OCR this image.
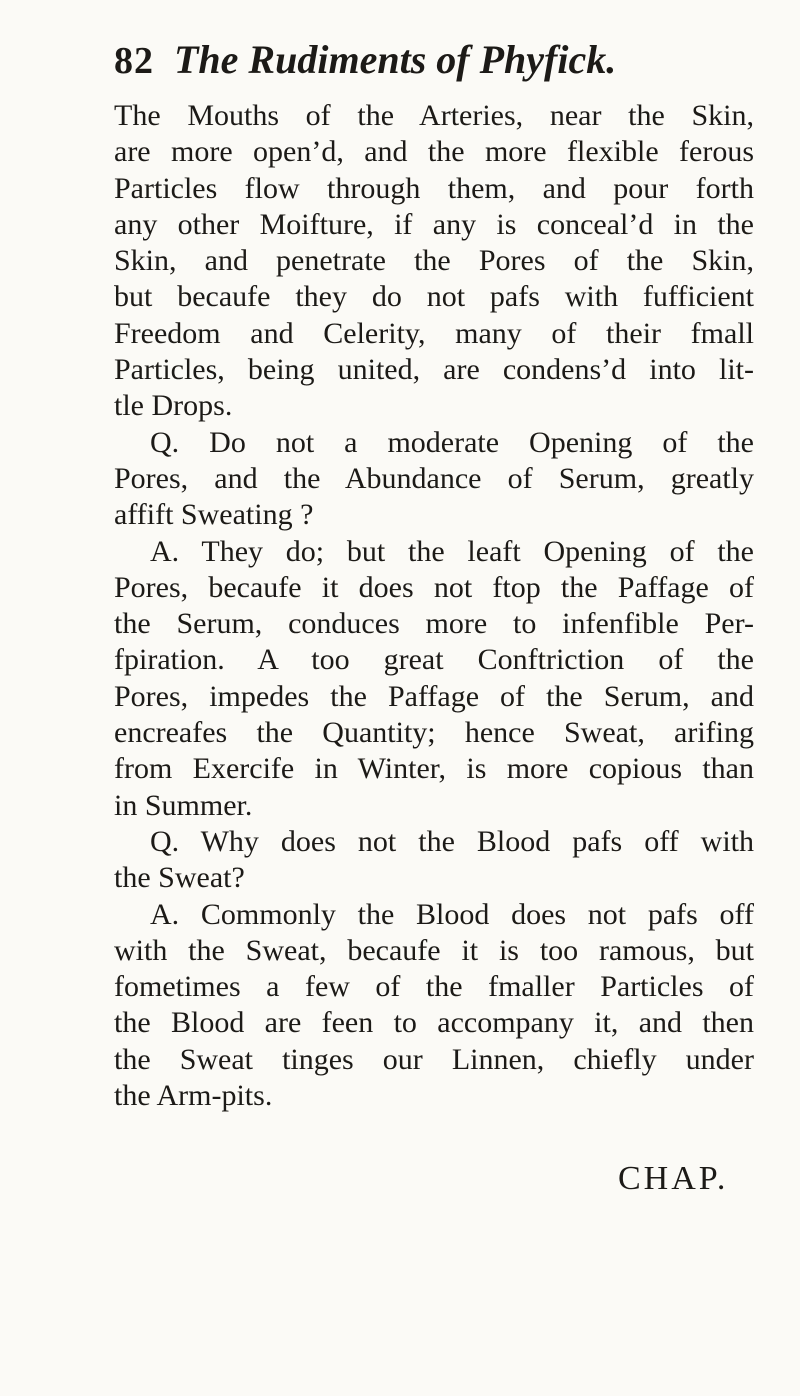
82 The Rudiments of Phyfick.
The Mouths of the Arteries, near the Skin,
are more open’d, and the more flexible ferous
Particles flow through them, and pour forth
any other Moifture, if any is conceal’d in the
Skin, and penetrate the Pores of the Skin,
but becaufe they do not pafs with fufficient
Freedom and Celerity, many of their fmall
Particles, being united, are condens’d into lit-
tle Drops.
Q. Do not a moderate Opening of the
Pores, and the Abundance of Serum, greatly
affift Sweating ?
A. They do; but the leaft Opening of the
Pores, becaufe it does not ftop the Paffage of
the Serum, conduces more to infenfible Per-
fpiration. A too great Conftriction of the
Pores, impedes the Paffage of the Serum, and
encreafes the Quantity; hence Sweat, arifing
from Exercife in Winter, is more copious than
in Summer.
Q. Why does not the Blood pafs off with
the Sweat?
A. Commonly the Blood does not pafs off
with the Sweat, becaufe it is too ramous, but
fometimes a few of the fmaller Particles of
the Blood are feen to accompany it, and then
the Sweat tinges our Linnen, chiefly under
the Arm-pits.
CHAP.
